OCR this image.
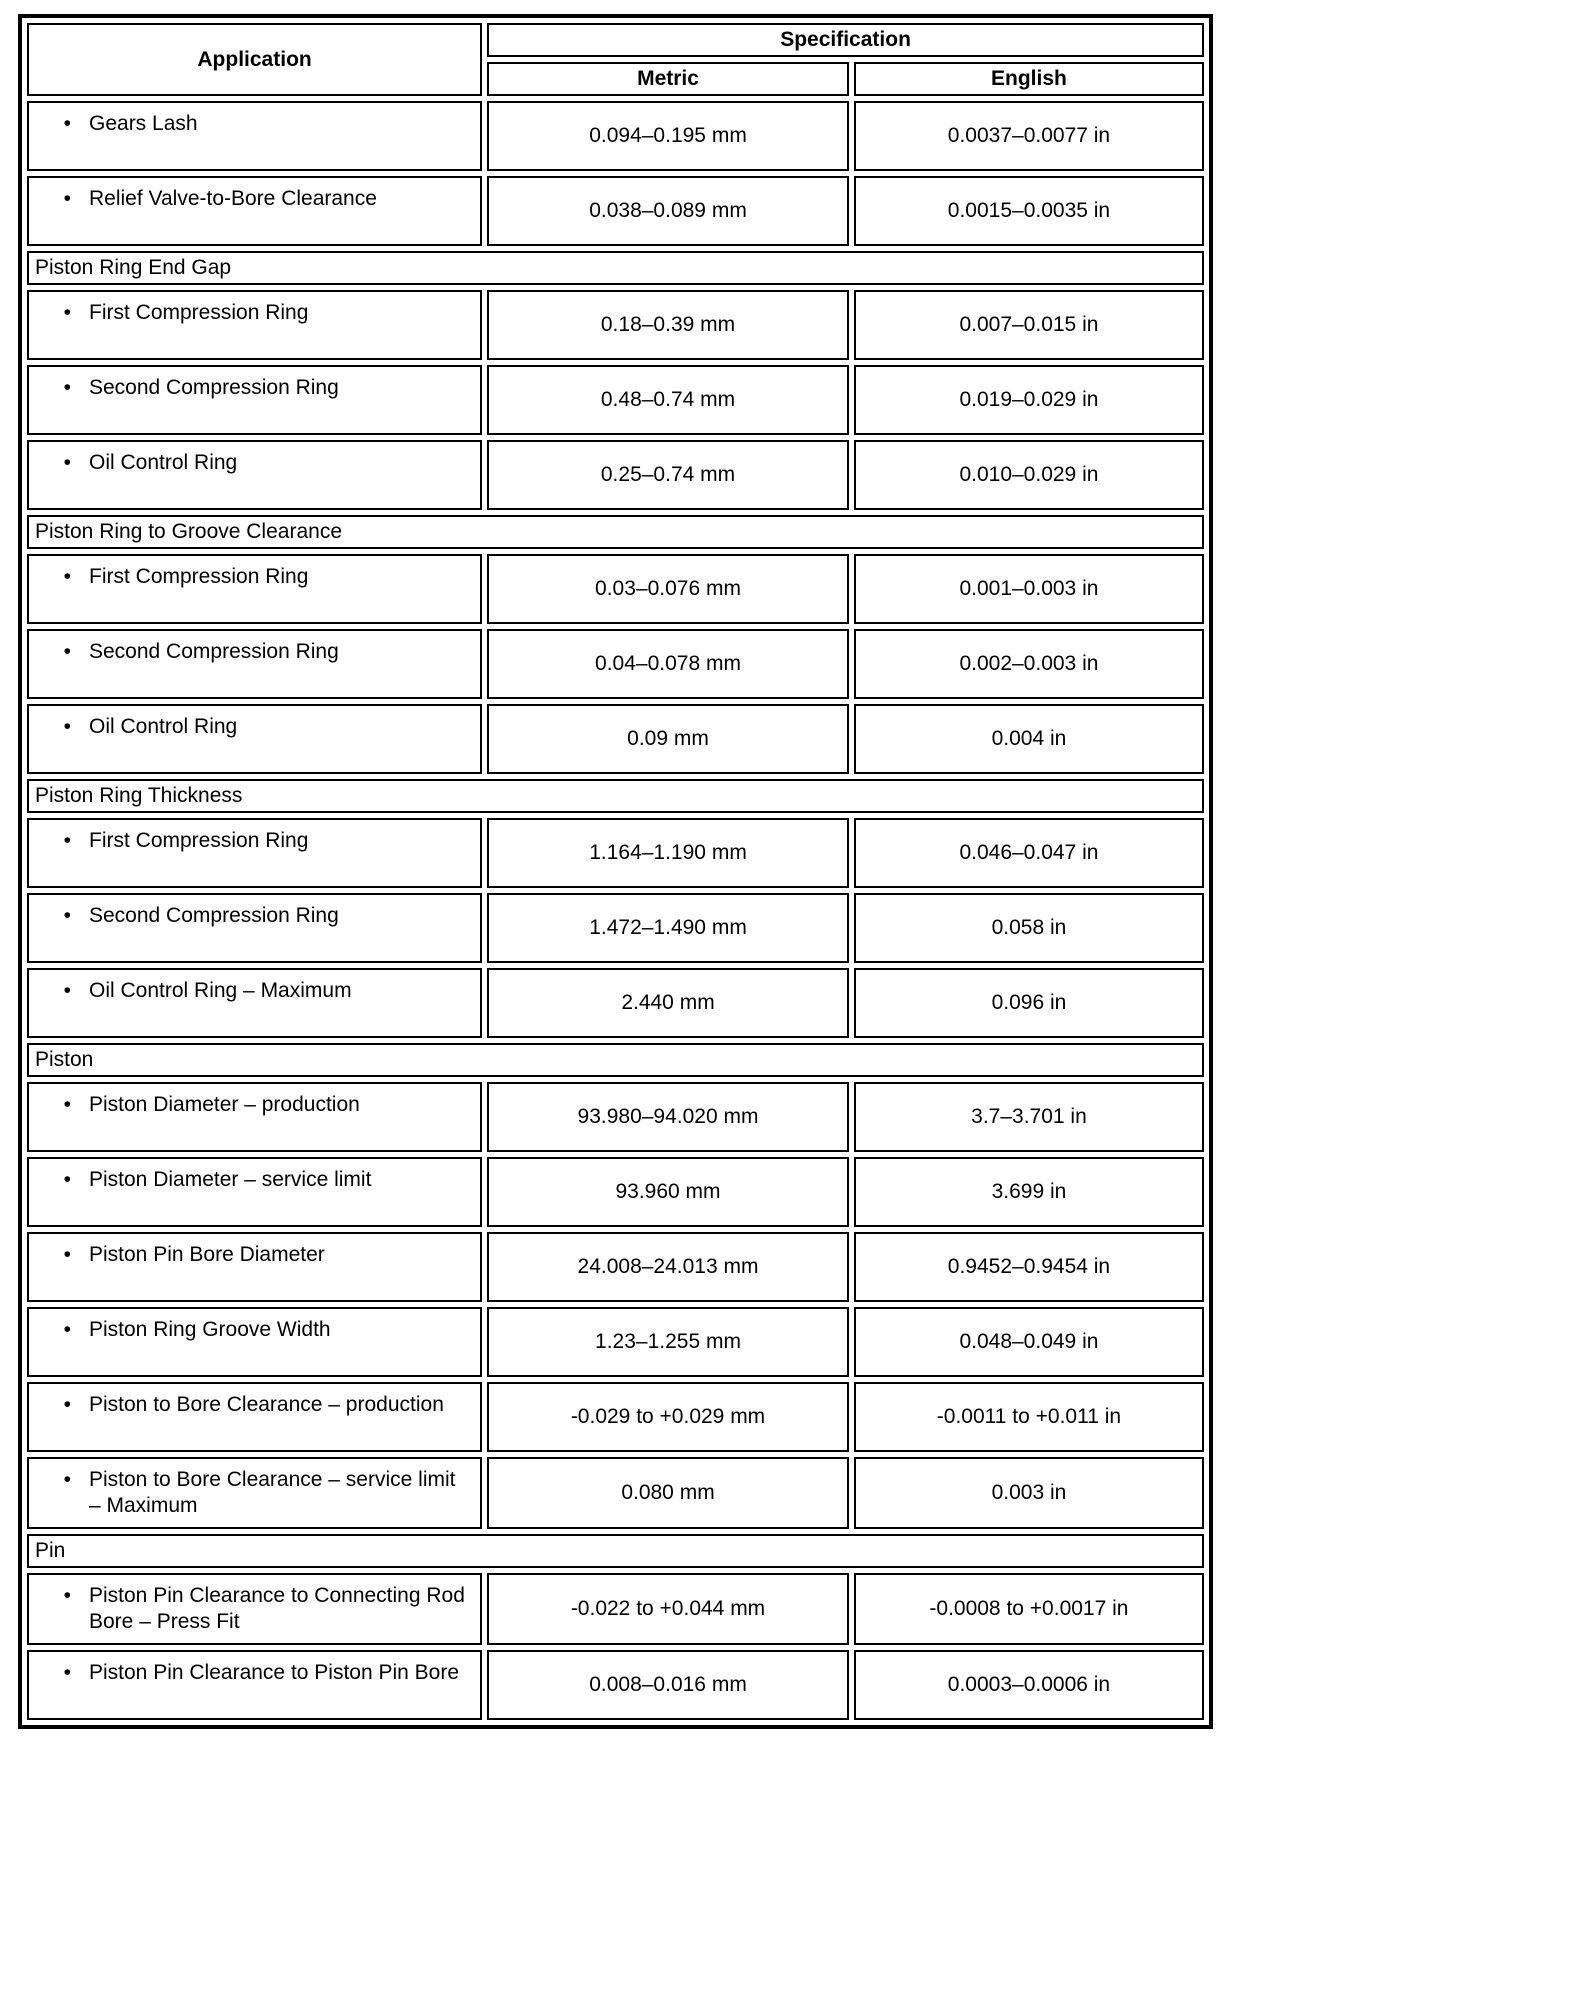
Application	Specification	
	Metric	English

• Gears Lash	0.094–0.195 mm	0.0037–0.0077 in

• Relief Valve-to-Bore Clearance	0.038–0.089 mm	0.0015–0.0035 in
Piston Ring End Gap		

• First Compression Ring	0.18–0.39 mm	0.007–0.015 in

• Second Compression Ring	0.48–0.74 mm	0.019–0.029 in

• Oil Control Ring	0.25–0.74 mm	0.010–0.029 in
Piston Ring to Groove Clearance		

• First Compression Ring	0.03–0.076 mm	0.001–0.003 in

• Second Compression Ring	0.04–0.078 mm	0.002–0.003 in

• Oil Control Ring	0.09 mm	0.004 in
Piston Ring Thickness		

• First Compression Ring	1.164–1.190 mm	0.046–0.047 in

• Second Compression Ring	1.472–1.490 mm	0.058 in

• Oil Control Ring – Maximum	2.440 mm	0.096 in
Piston		

• Piston Diameter – production	93.980–94.020 mm	3.7–3.701 in

• Piston Diameter – service limit	93.960 mm	3.699 in

• Piston Pin Bore Diameter	24.008–24.013 mm	0.9452–0.9454 in

• Piston Ring Groove Width	1.23–1.255 mm	0.048–0.049 in

• Piston to Bore Clearance – production	-0.029 to +0.029 mm	-0.0011 to +0.011 in

• Piston to Bore Clearance – service limit – Maximum	0.080 mm	0.003 in
Pin		

• Piston Pin Clearance to Connecting Rod Bore – Press Fit	-0.022 to +0.044 mm	-0.0008 to +0.0017 in

• Piston Pin Clearance to Piston Pin Bore	0.008–0.016 mm	0.0003–0.0006 in
